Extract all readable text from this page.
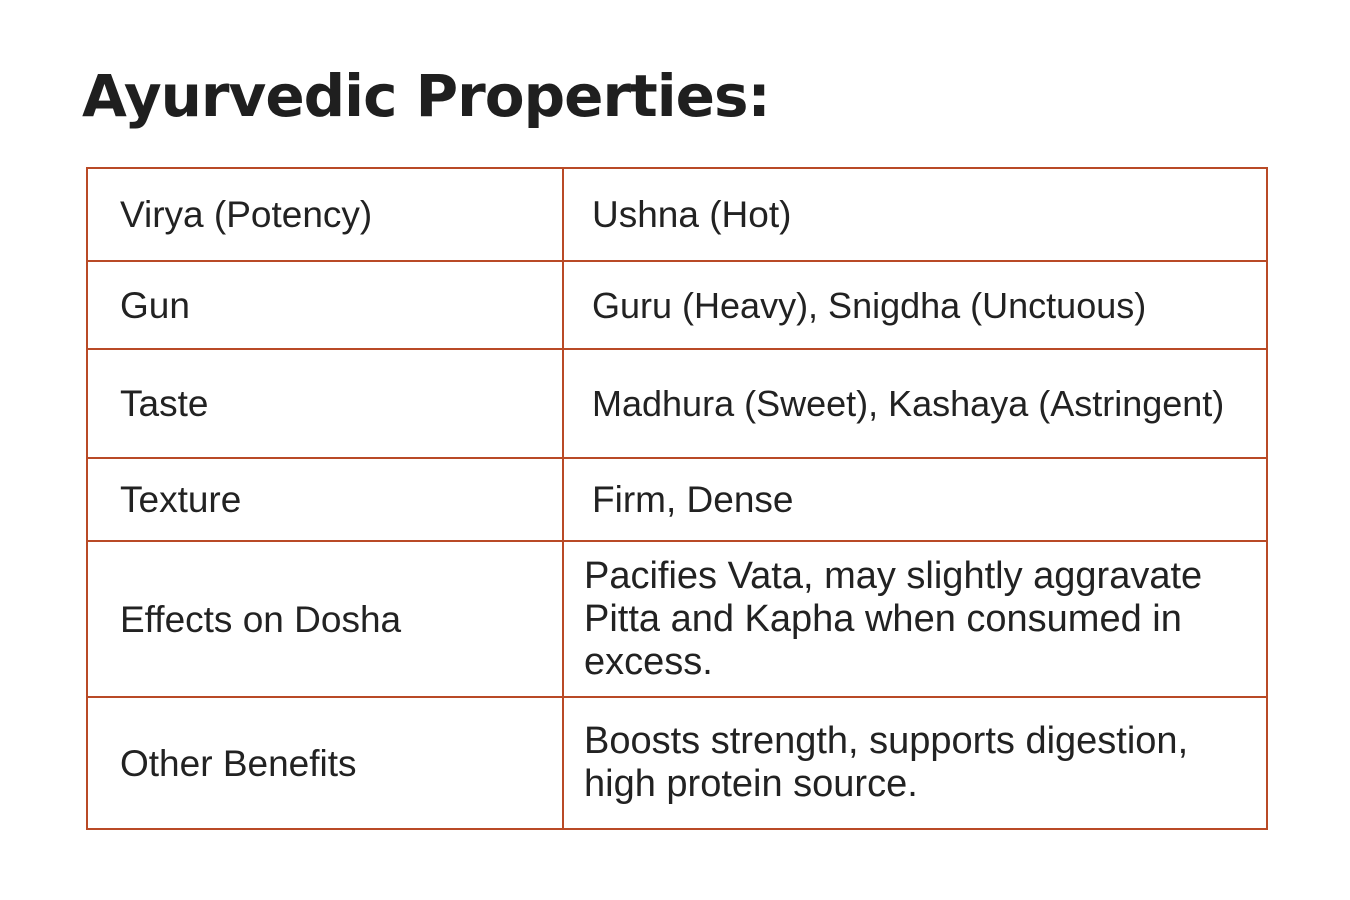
Ayurvedic Properties:
Virya (Potency)	Ushna (Hot)
Gun	Guru (Heavy), Snigdha (Unctuous)
Taste	Madhura (Sweet), Kashaya (Astringent)
Texture	Firm, Dense
Effects on Dosha	Pacifies Vata, may slightly aggravate Pitta and Kapha when consumed in excess.
Other Benefits	Boosts strength, supports digestion, high protein source.
